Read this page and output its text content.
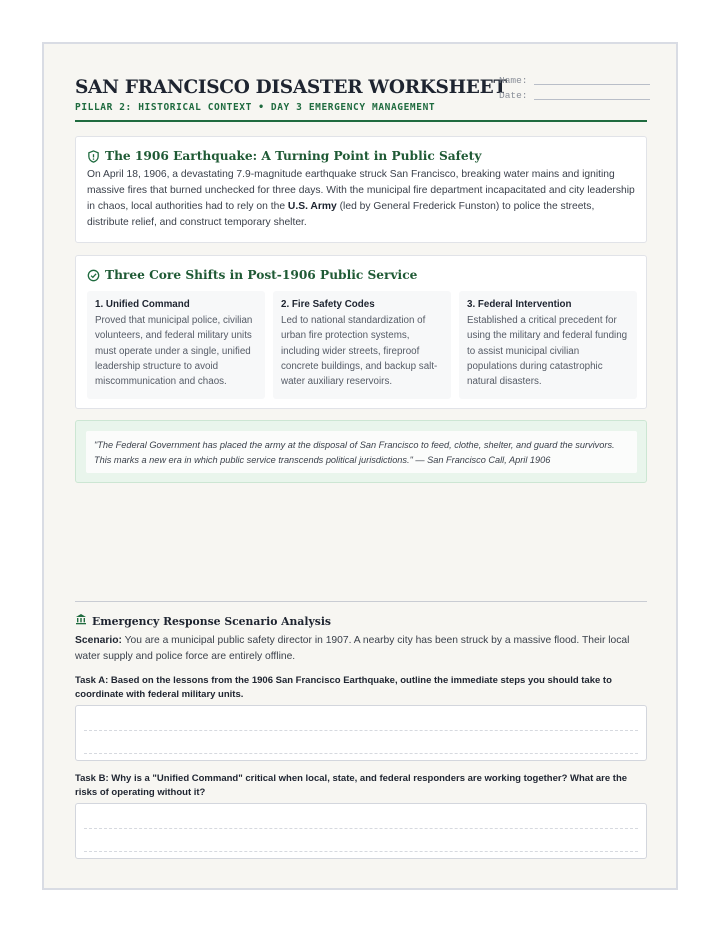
SAN FRANCISCO DISASTER WORKSHEET
PILLAR 2: HISTORICAL CONTEXT • DAY 3 EMERGENCY MANAGEMENT
Name:
Date:
The 1906 Earthquake: A Turning Point in Public Safety
On April 18, 1906, a devastating 7.9-magnitude earthquake struck San Francisco, breaking water mains and igniting massive fires that burned unchecked for three days. With the municipal fire department incapacitated and city leadership in chaos, local authorities had to rely on the U.S. Army (led by General Frederick Funston) to police the streets, distribute relief, and construct temporary shelter.
Three Core Shifts in Post-1906 Public Service
1. Unified Command
Proved that municipal police, civilian volunteers, and federal military units must operate under a single, unified leadership structure to avoid miscommunication and chaos.
2. Fire Safety Codes
Led to national standardization of urban fire protection systems, including wider streets, fireproof concrete buildings, and backup salt-water auxiliary reservoirs.
3. Federal Intervention
Established a critical precedent for using the military and federal funding to assist municipal civilian populations during catastrophic natural disasters.
"The Federal Government has placed the army at the disposal of San Francisco to feed, clothe, shelter, and guard the survivors. This marks a new era in which public service transcends political jurisdictions." — San Francisco Call, April 1906
Emergency Response Scenario Analysis
Scenario: You are a municipal public safety director in 1907. A nearby city has been struck by a massive flood. Their local water supply and police force are entirely offline.
Task A: Based on the lessons from the 1906 San Francisco Earthquake, outline the immediate steps you should take to coordinate with federal military units.
Task B: Why is a "Unified Command" critical when local, state, and federal responders are working together? What are the risks of operating without it?
